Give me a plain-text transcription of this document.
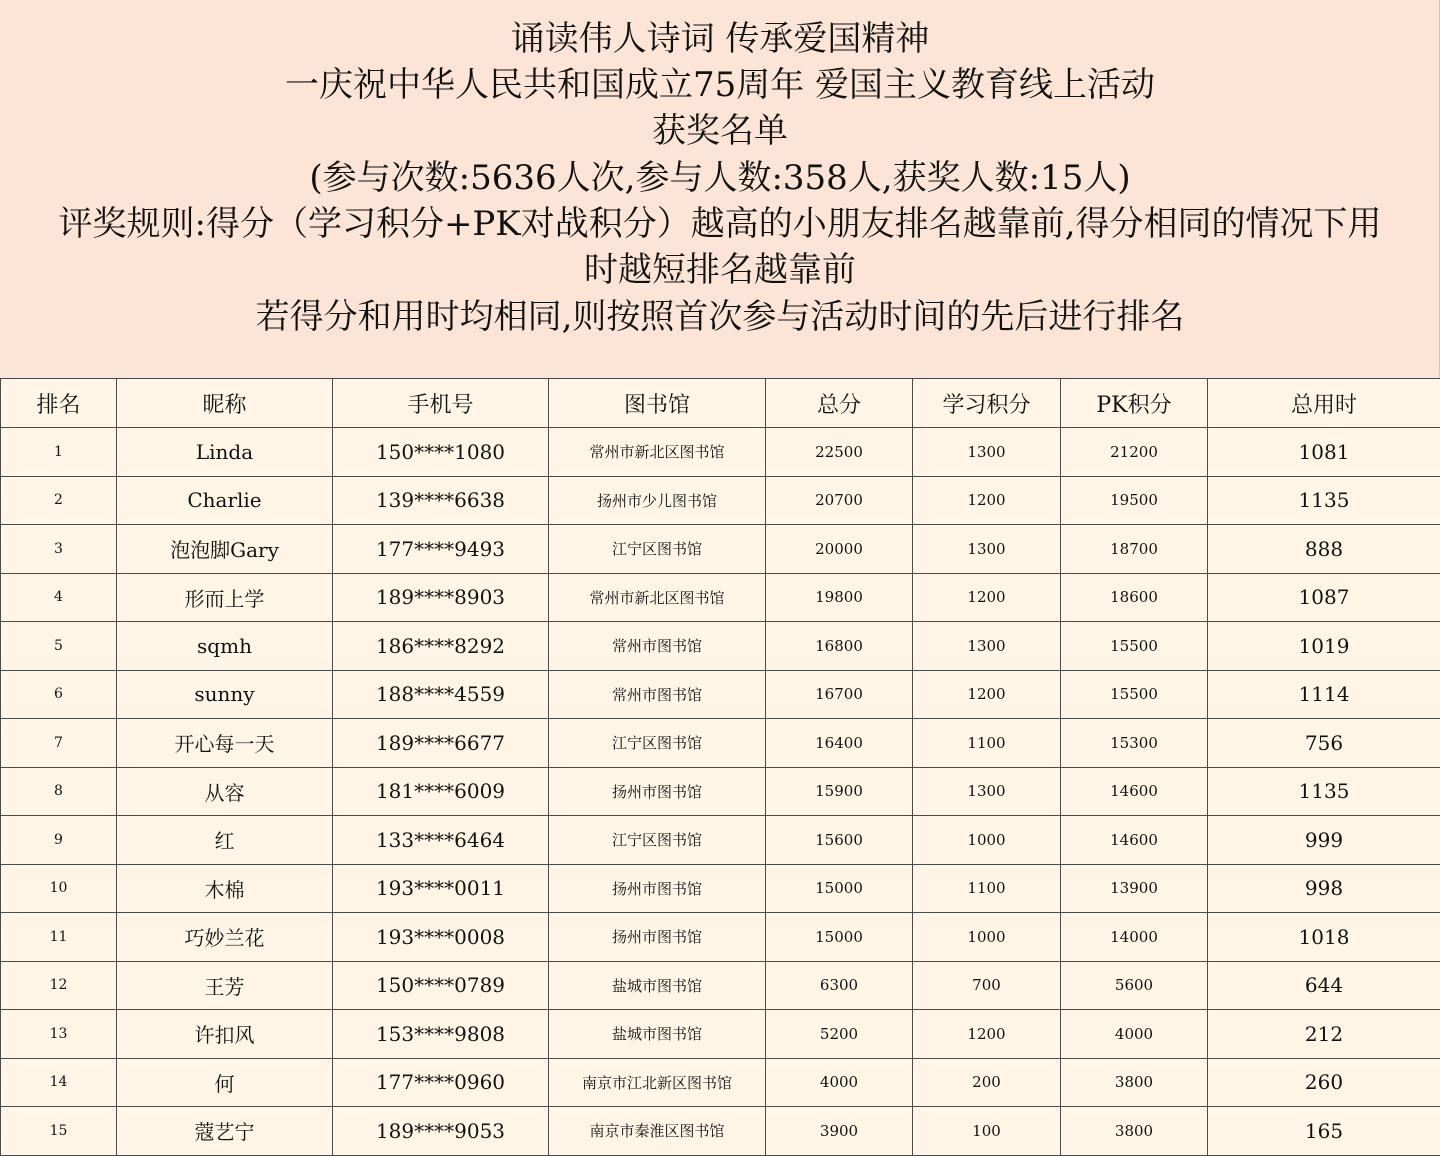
诵读伟人诗词 传承爱国精神
一庆祝中华人民共和国成立75周年 爱国主义教育线上活动
获奖名单
(参与次数:5636人次,参与人数:358人,获奖人数:15人)
评奖规则:得分（学习积分+PK对战积分）越高的小朋友排名越靠前,得分相同的情况下用
时越短排名越靠前
若得分和用时均相同,则按照首次参与活动时间的先后进行排名
排名	昵称	手机号	图书馆	总分	学习积分	PK积分	总用时
1	Linda	150****1080	常州市新北区图书馆	22500	1300	21200	1081
2	Charlie	139****6638	扬州市少儿图书馆	20700	1200	19500	1135
3	泡泡脚Gary	177****9493	江宁区图书馆	20000	1300	18700	888
4	形而上学	189****8903	常州市新北区图书馆	19800	1200	18600	1087
5	sqmh	186****8292	常州市图书馆	16800	1300	15500	1019
6	sunny	188****4559	常州市图书馆	16700	1200	15500	1114
7	开心每一天	189****6677	江宁区图书馆	16400	1100	15300	756
8	从容	181****6009	扬州市图书馆	15900	1300	14600	1135
9	红	133****6464	江宁区图书馆	15600	1000	14600	999
10	木棉	193****0011	扬州市图书馆	15000	1100	13900	998
11	巧妙兰花	193****0008	扬州市图书馆	15000	1000	14000	1018
12	王芳	150****0789	盐城市图书馆	6300	700	5600	644
13	许扣风	153****9808	盐城市图书馆	5200	1200	4000	212
14	何	177****0960	南京市江北新区图书馆	4000	200	3800	260
15	蔻艺宁	189****9053	南京市秦淮区图书馆	3900	100	3800	165
